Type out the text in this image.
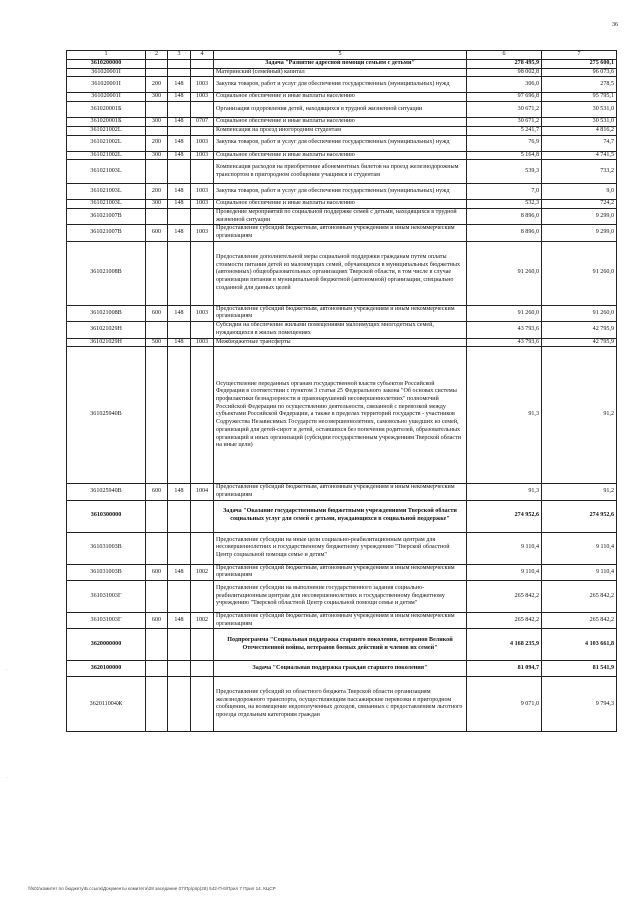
36
1	2	3	4	5	6	7
3610200000				Задача "Развитие адресной помощи семьям с детьми"	278 495,9	275 600,1
361020001I				Материнский (семейный) капитал	98 002,8	96 073,6
361020001I	200	148	1003	Закупка товаров, работ и услуг для обеспечения государственных (муниципальных) нужд	306,0	278,5
361020001I	300	148	1003	Социальное обеспечение и иные выплаты населению	97 696,8	95 795,1
361020001Б				Организация оздоровления детей, находящихся в трудной жизненной ситуации	30 671,2	30 531,0
361020001Б	300	148	0707	Социальное обеспечение и иные выплаты населению	30 671,2	30 531,0
361021002L				Компенсация на проезд иногородним студентам	5 241,7	4 816,2
361021002L	200	148	1003	Закупка товаров, работ и услуг для обеспечения государственных (муниципальных) нужд	76,9	74,7
361021002L	300	148	1003	Социальное обеспечение и иные выплаты населению	5 164,8	4 741,5
361021003L				Компенсация расходов на приобретение абонементных билетов на проезд железнодорожным транспортом в пригородном сообщении учащимся и студентам	539,3	733,2
361021003L	200	148	1003	Закупка товаров, работ и услуг для обеспечения государственных (муниципальных) нужд	7,0	9,0
361021003L	300	148	1003	Социальное обеспечение и иные выплаты населению	532,3	724,2
361021007B				Проведение мероприятий по социальной поддержке семей с детьми, находящихся в трудной жизненной ситуации	8 896,0	9 299,0
361021007B	600	148	1003	Предоставление субсидий бюджетным, автономным учреждениям и иным некоммерческим организациям	8 896,0	9 299,0
361021008B				Предоставление дополнительной меры социальной поддержки гражданам путем оплаты стоимости питания детей из малоимущих семей, обучающихся в муниципальных бюджетных (автономных) общеобразовательных организациях Тверской области, в том числе в случае организации питания в муниципальной бюджетной (автономной) организации, специально созданной для данных целей	91 260,0	91 260,0
361021008B	600	148	1003	Предоставление субсидий бюджетным, автономным учреждениям и иным некоммерческим организациям	91 260,0	91 260,0
361021029H				Субсидии на обеспечение жилыми помещениями малоимущих многодетных семей, нуждающихся в жилых помещениях	43 793,6	42 795,9
361021029H	500	148	1003	Межбюджетные трансферты	43 793,6	42 795,9
361025940B				Осуществление переданных органам государственной власти субъектов Российской Федерации в соответствии с пунктом 3 статьи 25 Федерального закона "Об основах системы профилактики безнадзорности и правонарушений несовершеннолетних" полномочий Российской Федерации по осуществлению деятельности, связанной с перевозкой между субъектами Российской Федерации, а также в пределах территорий государств - участников Содружества Независимых Государств несовершеннолетних, самовольно ушедших из семей, организаций для детей-сирот и детей, оставшихся без попечения родителей, образовательных организаций и иных организаций (субсидии государственным учреждениям Тверской области на иные цели)	91,3	91,2
361025940B	600	148	1004	Предоставление субсидий бюджетным, автономным учреждениям и иным некоммерческим организациям	91,3	91,2
3610300000				Задача "Оказание государственными бюджетными учреждениями Тверской области социальных услуг для семей с детьми, нуждающихся в социальной поддержке"	274 952,6	274 952,6
361031003В				Предоставление субсидии на иные цели социально-реабилитационным центрам для несовершеннолетних и государственному бюджетному учреждению "Тверской областной Центр социальной помощи семье и детям"	9 110,4	9 110,4
361031003В	600	148	1002	Предоставление субсидий бюджетным, автономным учреждениям и иным некоммерческим организациям	9 110,4	9 110,4
361031003Г				Предоставление субсидии на выполнение государственного задания социально-реабилитационным центрам для несовершеннолетних и государственному бюджетному учреждению "Тверской областной Центр социальной помощи семье и детям"	265 842,2	265 842,2
361031003Г	600	148	1002	Предоставление субсидий бюджетным, автономным учреждениям и иным некоммерческим организациям	265 842,2	265 842,2
3620000000				Подпрограмма "Социальная поддержка старшего поколения, ветеранов Великой Отечественной войны, ветеранов боевых действий и членов их семей"	4 168 235,9	4 103 661,8
3620100000				Задача "Социальная поддержка граждан старшего поколения"	81 094,7	81 541,9
362011004Ж				Предоставление субсидий из областного бюджета Тверской области организациям железнодорожного транспорта, осуществляющим пассажирские перевозки в пригородном сообщении, на возмещение недополученных доходов, связанных с предоставлением льготного проезда отдельным категориям граждан	9 071,0	9 794,3
·
·
\\fs01\комитет по бюджету\Б.ссылк\Документы комитета\28 заседание 07\Пр\рпр(28) 542-П-6\Прил 7 Прил 14. КЦСР
